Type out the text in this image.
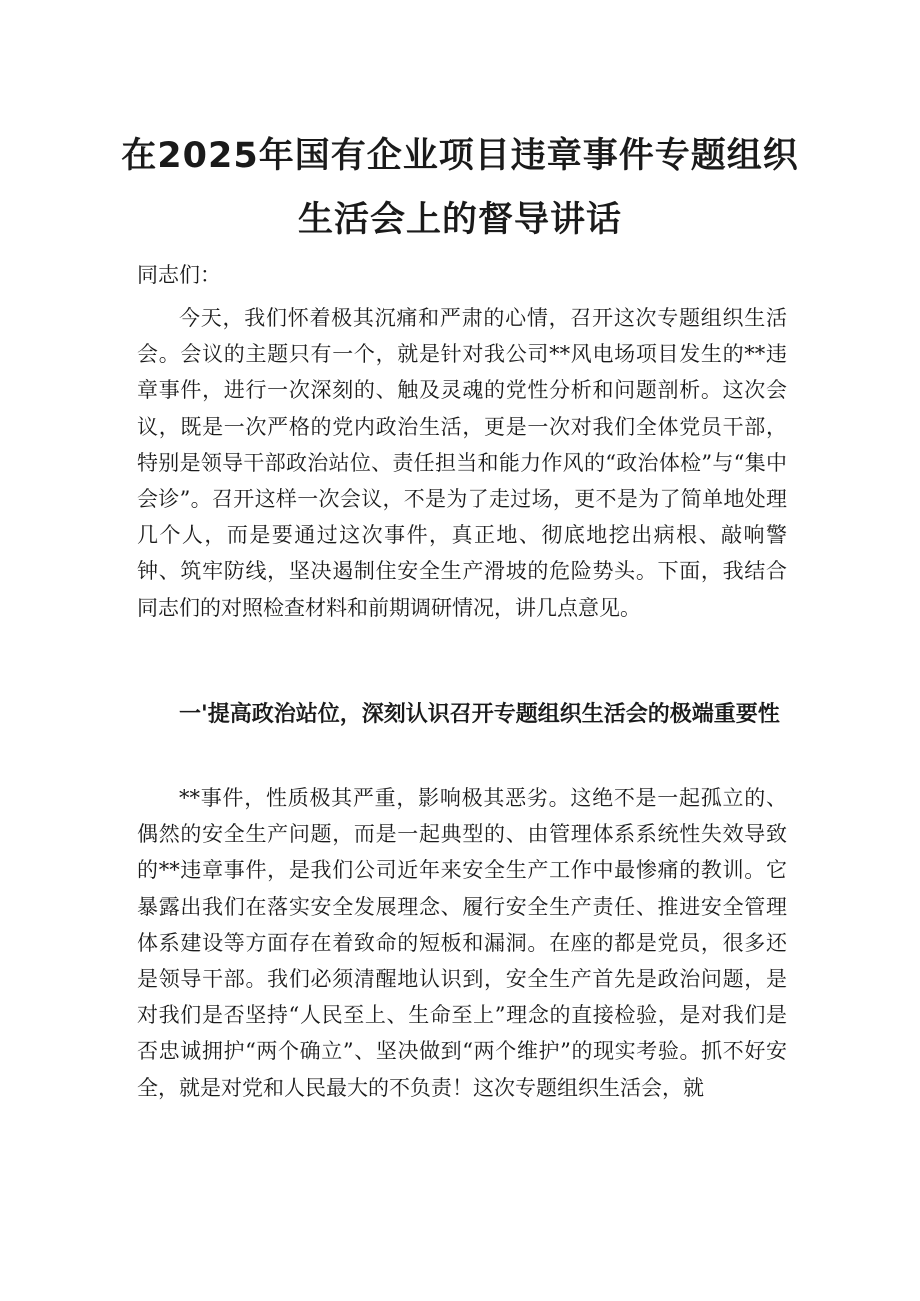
在2025年国有企业项目违章事件专题组织
生活会上的督导讲话

同志们：

今天，我们怀着极其沉痛和严肃的心情，召开这次专题组织生活会。会议的主题只有一个，就是针对我公司**风电场项目发生的**违章事件，进行一次深刻的、触及灵魂的党性分析和问题剖析。这次会议，既是一次严格的党内政治生活，更是一次对我们全体党员干部，特别是领导干部政治站位、责任担当和能力作风的“政治体检”与“集中会诊”。召开这样一次会议，不是为了走过场，更不是为了简单地处理几个人，而是要通过这次事件，真正地、彻底地挖出病根、敲响警钟、筑牢防线，坚决遏制住安全生产滑坡的危险势头。下面，我结合同志们的对照检查材料和前期调研情况，讲几点意见。

一'提高政治站位，深刻认识召开专题组织生活会的极端重要性

**事件，性质极其严重，影响极其恶劣。这绝不是一起孤立的、偶然的安全生产问题，而是一起典型的、由管理体系系统性失效导致的**违章事件，是我们公司近年来安全生产工作中最惨痛的教训。它暴露出我们在落实安全发展理念、履行安全生产责任、推进安全管理体系建设等方面存在着致命的短板和漏洞。在座的都是党员，很多还是领导干部。我们必须清醒地认识到，安全生产首先是政治问题，是对我们是否坚持“人民至上、生命至上”理念的直接检验，是对我们是否忠诚拥护“两个确立”、坚决做到“两个维护”的现实考验。抓不好安全，就是对党和人民最大的不负责！这次专题组织生活会，就
